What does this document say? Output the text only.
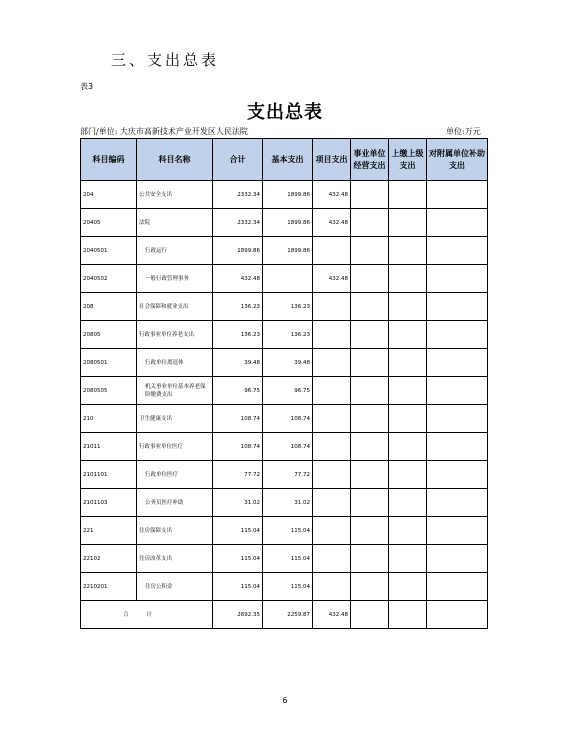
三、支出总表
表3
支出总表
部门/单位: 大庆市高新技术产业开发区人民法院	单位:万元
科目编码	科目名称	合计	基本支出	项目支出	事业单位经营支出	上缴上级支出	对附属单位补助支出
204	公共安全支出	2332.34	1899.86	432.48			
20405	法院	2332.34	1899.86	432.48			
2040501	行政运行	1899.86	1899.86				
2040502	一般行政管理事务	432.48		432.48			
208	社会保障和就业支出	136.23	136.23				
20805	行政事业单位养老支出	136.23	136.23				
2080501	行政单位离退休	39.48	39.48				
2080505	机关事业单位基本养老保险缴费支出	96.75	96.75				
210	卫生健康支出	108.74	108.74				
21011	行政事业单位医疗	108.74	108.74				
2101101	行政单位医疗	77.72	77.72				
2101103	公务员医疗补助	31.02	31.02				
221	住房保障支出	115.04	115.04				
22102	住房改革支出	115.04	115.04				
2210201	住房公积金	115.04	115.04				
合计		2692.35	2259.87	432.48			
6
